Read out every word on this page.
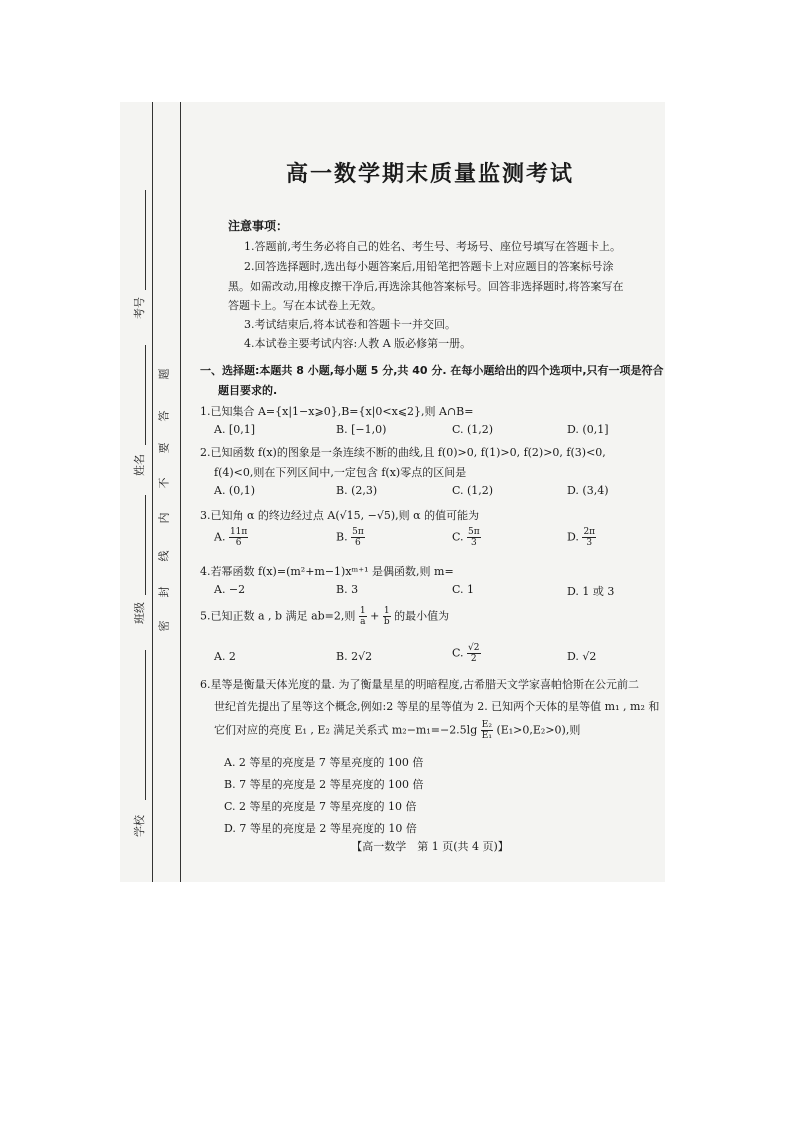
考号
姓名
班级
学校
题
答
要
不
内
线
封
密
高一数学期末质量监测考试
注意事项：
1.答题前,考生务必将自己的姓名、考生号、考场号、座位号填写在答题卡上。
2.回答选择题时,选出每小题答案后,用铅笔把答题卡上对应题目的答案标号涂
黑。如需改动,用橡皮擦干净后,再选涂其他答案标号。回答非选择题时,将答案写在
答题卡上。写在本试卷上无效。
3.考试结束后,将本试卷和答题卡一并交回。
4.本试卷主要考试内容:人教 A 版必修第一册。
一、选择题:本题共 8 小题,每小题 5 分,共 40 分. 在每小题给出的四个选项中,只有一项是符合
题目要求的.
1.已知集合 A={x|1−x⩾0},B={x|0<x⩽2},则 A∩B=
A. [0,1]	B. [−1,0)	C. (1,2)	D. (0,1]
2.已知函数 f(x)的图象是一条连续不断的曲线,且 f(0)>0, f(1)>0, f(2)>0, f(3)<0,
f(4)<0,则在下列区间中,一定包含 f(x)零点的区间是
A. (0,1)	B. (2,3)	C. (1,2)	D. (3,4)
3.已知角 α 的终边经过点 A(√15, −√5),则 α 的值可能为
A. $\frac{11\pi}{6}$	B. $\frac{5\pi}{6}$	C. $\frac{5\pi}{3}$	D. $\frac{2\pi}{3}$
4.若幂函数 f(x)=(m²+m−1)xᵐ⁺¹ 是偶函数,则 m=
A. −2	B. 3	C. 1	D. 1 或 3
5.已知正数 a , b 满足 ab=2,则 $\frac{1}{a} + \frac{1}{b}$ 的最小值为
A. 2	B. 2√2	C. $\frac{√2}{2}$	D. √2
6.星等是衡量天体光度的量. 为了衡量星星的明暗程度,古希腊天文学家喜帕恰斯在公元前二
世纪首先提出了星等这个概念,例如:2 等星的星等值为 2. 已知两个天体的星等值 m₁ , m₂ 和
它们对应的亮度 E₁ , E₂ 满足关系式 $m_2-m_1=-2.5\lg \frac{\text{E₂}}{\text{E₁}} (E_1>0,E_2>0)$,则
A. 2 等星的亮度是 7 等星亮度的 100 倍
B. 7 等星的亮度是 2 等星亮度的 100 倍
C. 2 等星的亮度是 7 等星亮度的 10 倍
D. 7 等星的亮度是 2 等星亮度的 10 倍
【高一数学　第 1 页(共 4 页)】
